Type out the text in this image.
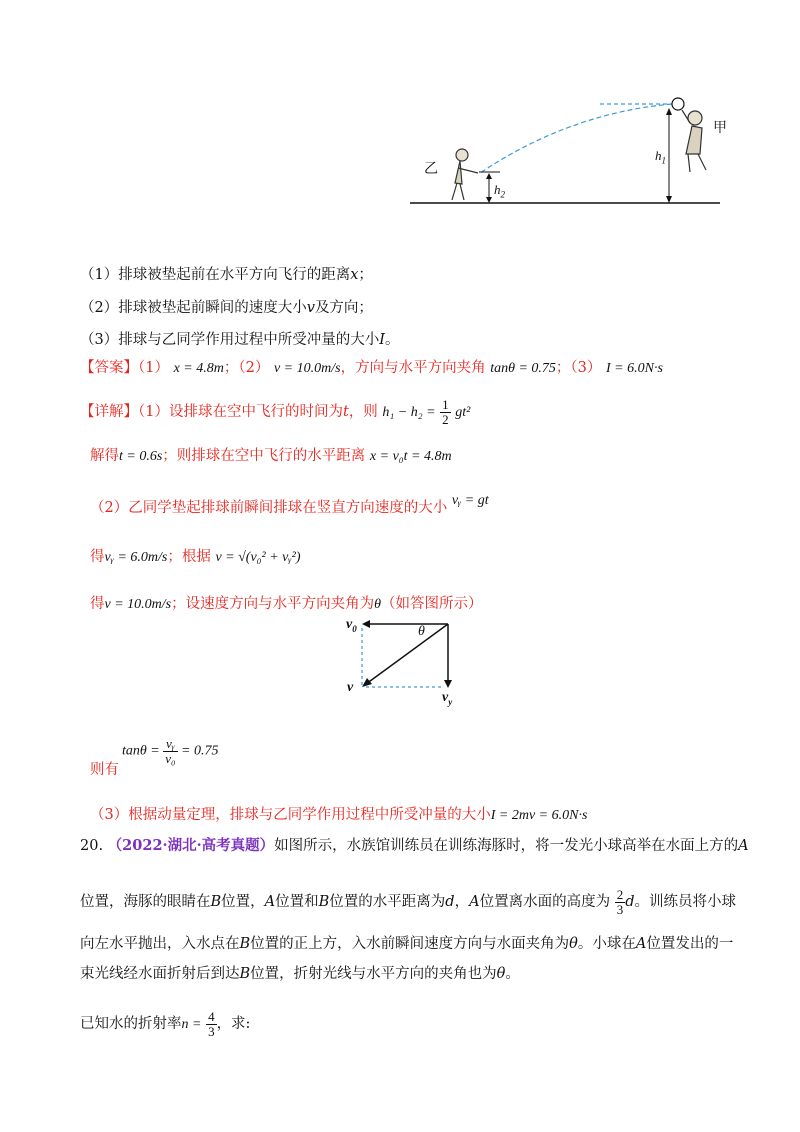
乙
甲
$h_1$
$h_2$
（1）排球被垫起前在水平方向飞行的距离x；
（2）排球被垫起前瞬间的速度大小v及方向；
（3）排球与乙同学作用过程中所受冲量的大小I。
【答案】（1） x = 4.8m；（2） v = 10.0m/s，方向与水平方向夹角 tanθ = 0.75；（3） I = 6.0N·s
【详解】（1）设排球在空中飞行的时间为t，则 $h_1 - h_2 = \frac{1}{2} gt^2$
解得t = 0.6s；则排球在空中飞行的水平距离 x = v₀t = 4.8m
（2）乙同学垫起排球前瞬间排球在竖直方向速度的大小 vᵧ = gt
得vᵧ = 6.0m/s；根据 v = √(v₀² + vᵧ²)
得v = 10.0m/s；设速度方向与水平方向夹角为θ（如答图所示）
$v_0$	θ
v
$v_y$
$\tan\theta = \frac{\text{vᵧ}}{\text{v₀}} = 0.75$
则有
（3）根据动量定理，排球与乙同学作用过程中所受冲量的大小I = 2mv = 6.0N·s
20. （2022·湖北·高考真题）如图所示，水族馆训练员在训练海豚时，将一发光小球高举在水面上方的A
位置，海豚的眼睛在B位置，A位置和B位置的水平距离为d，A位置离水面的高度为 $\frac{2}{3}$ d。训练员将小球
向左水平抛出，入水点在B位置的正上方，入水前瞬间速度方向与水面夹角为θ。小球在A位置发出的一
束光线经水面折射后到达B位置，折射光线与水平方向的夹角也为θ。
已知水的折射率$n = \frac{4}{3}$ ，求:
